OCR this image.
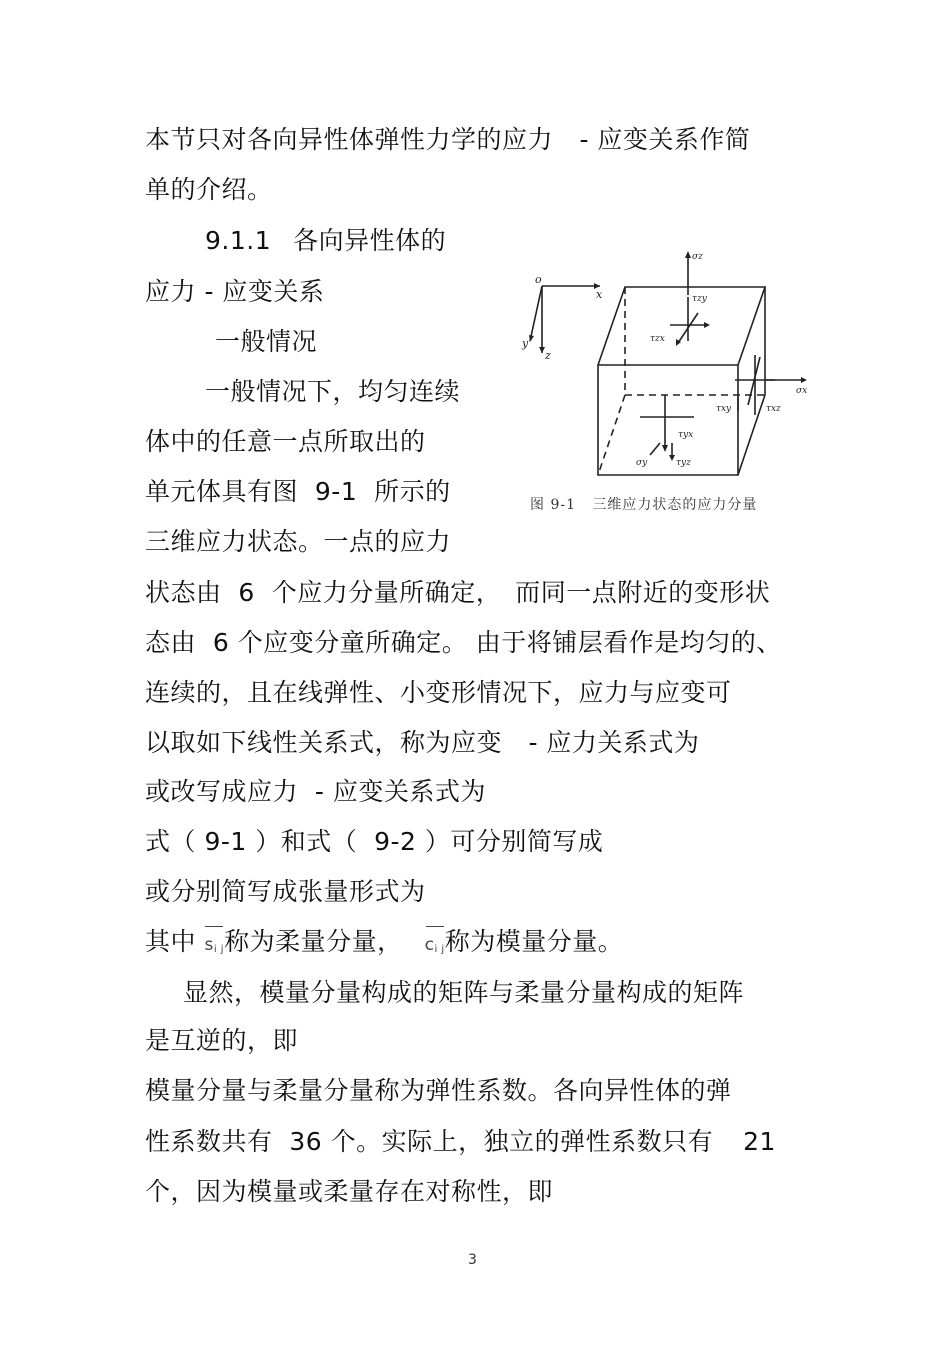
本节只对各向异性体弹性力学的应力 - 应变关系作简
单的介绍。
9.1.1 各向异性体的
应力 - 应变关系
一般情况
一般情况下，均匀连续
体中的任意一点所取出的
单元体具有图  9-1  所示的
三维应力状态。一点的应力
状态由  6  个应力分量所确定， 而同一点附近的变形状
态由  6 个应变分童所确定。 由于将铺层看作是均匀的、
连续的，且在线弹性、小变形情况下，应力与应变可
以取如下线性关系式，称为应变 - 应力关系式为
或改写成应力  - 应变关系式为
式（ 9-1 ）和式（  9-2 ）可分别简写成
或分别简写成张量形式为
其中 $s_{i j}$称为柔量分量， $c_{i j}$称为模量分量。
显然，模量分量构成的矩阵与柔量分量构成的矩阵
是互逆的，即
模量分量与柔量分量称为弹性系数。各向异性体的弹
性系数共有  36 个。实际上，独立的弹性系数只有 21
个，因为模量或柔量存在对称性，即
o
x
y
z
σz
τzy
τzx
σx
τxy	τxz
τyx
σy	τyz
图 9-1   三维应力状态的应力分量
3
